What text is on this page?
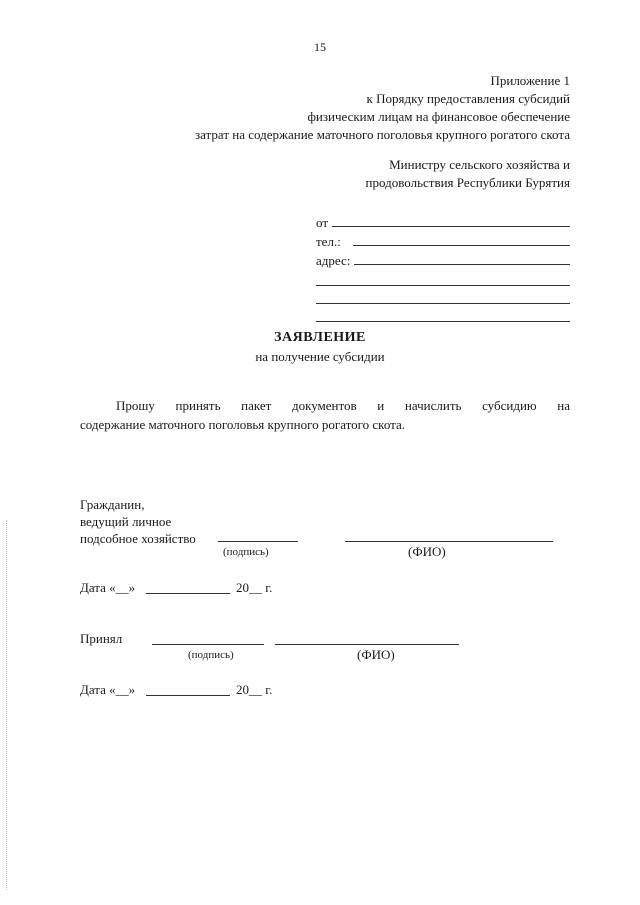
15
Приложение 1
к Порядку предоставления субсидий
физическим лицам на финансовое обеспечение
затрат на содержание маточного поголовья крупного рогатого скота
Министру сельского хозяйства и
продовольствия Республики Бурятия
от
тел.:
адрес:
ЗАЯВЛЕНИЕ
на получение субсидии
Прошу принять пакет документов и начислить субсидию на
содержание маточного поголовья крупного рогатого скота.
Гражданин,
ведущий личное
подсобное хозяйство
(подпись)	(ФИО)
Дата «__»	20__ г.
Принял
(подпись)	(ФИО)
Дата «__»	20__ г.
